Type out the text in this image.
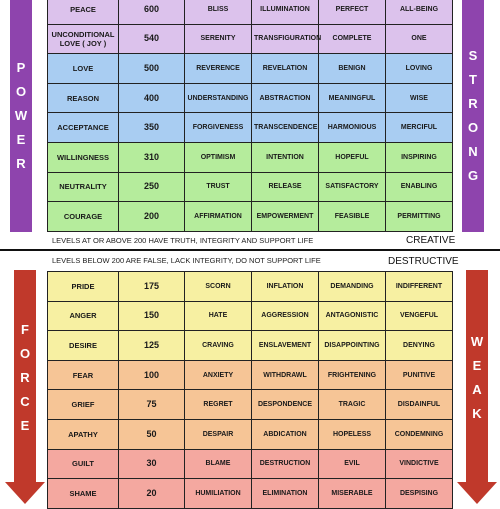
P
O
W
E
R
S
T
R
O
N
G
F
O
R
C
E
W
E
A
K
PEACE	600	BLISS	ILLUMINATION	PERFECT	ALL-BEING
UNCONDITIONAL LOVE ( JOY )	540	SERENITY	TRANSFIGURATION	COMPLETE	ONE
LOVE	500	REVERENCE	REVELATION	BENIGN	LOVING
REASON	400	UNDERSTANDING	ABSTRACTION	MEANINGFUL	WISE
ACCEPTANCE	350	FORGIVENESS	TRANSCENDENCE	HARMONIOUS	MERCIFUL
WILLINGNESS	310	OPTIMISM	INTENTION	HOPEFUL	INSPIRING
NEUTRALITY	250	TRUST	RELEASE	SATISFACTORY	ENABLING
COURAGE	200	AFFIRMATION	EMPOWERMENT	FEASIBLE	PERMITTING
LEVELS AT OR ABOVE 200 HAVE TRUTH, INTEGRITY AND SUPPORT LIFE	CREATIVE
LEVELS BELOW 200 ARE FALSE, LACK INTEGRITY, DO NOT SUPPORT LIFE	DESTRUCTIVE
PRIDE	175	SCORN	INFLATION	DEMANDING	INDIFFERENT
ANGER	150	HATE	AGGRESSION	ANTAGONISTIC	VENGEFUL
DESIRE	125	CRAVING	ENSLAVEMENT	DISAPPOINTING	DENYING
FEAR	100	ANXIETY	WITHDRAWL	FRIGHTENING	PUNITIVE
GRIEF	75	REGRET	DESPONDENCE	TRAGIC	DISDAINFUL
APATHY	50	DESPAIR	ABDICATION	HOPELESS	CONDEMNING
GUILT	30	BLAME	DESTRUCTION	EVIL	VINDICTIVE
SHAME	20	HUMILIATION	ELIMINATION	MISERABLE	DESPISING
